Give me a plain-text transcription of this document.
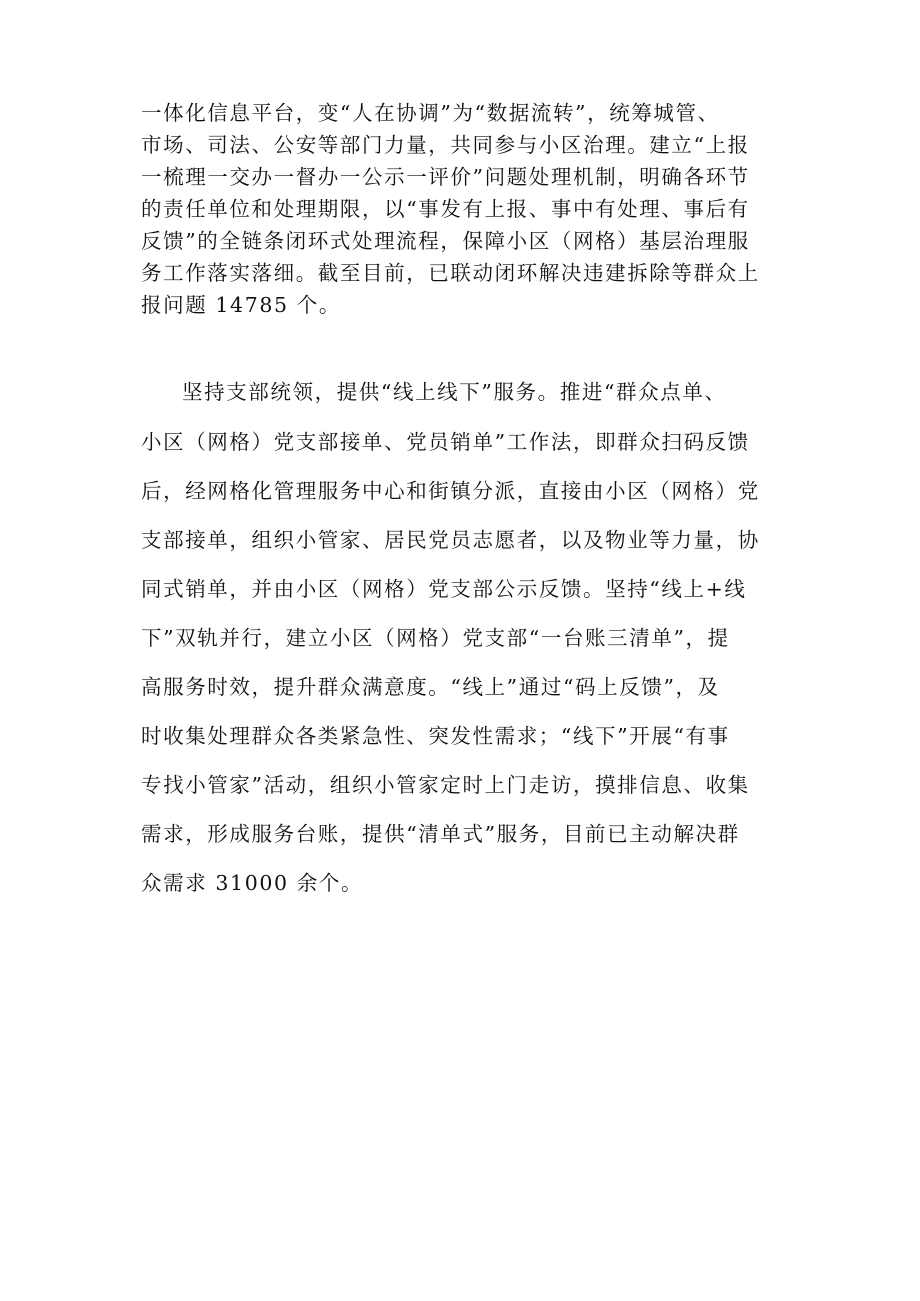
一体化信息平台，变“人在协调”为“数据流转”，统筹城管、
市场、司法、公安等部门力量，共同参与小区治理。建立“上报
一梳理一交办一督办一公示一评价”问题处理机制，明确各环节
的责任单位和处理期限，以“事发有上报、事中有处理、事后有
反馈”的全链条闭环式处理流程，保障小区（网格）基层治理服
务工作落实落细。截至目前，已联动闭环解决违建拆除等群众上
报问题 14785 个。
坚持支部统领，提供“线上线下”服务。推进“群众点单、
小区（网格）党支部接单、党员销单”工作法，即群众扫码反馈
后，经网格化管理服务中心和街镇分派，直接由小区（网格）党
支部接单，组织小管家、居民党员志愿者，以及物业等力量，协
同式销单，并由小区（网格）党支部公示反馈。坚持“线上+线
下”双轨并行，建立小区（网格）党支部“一台账三清单”，提
高服务时效，提升群众满意度。“线上”通过“码上反馈”，及
时收集处理群众各类紧急性、突发性需求；“线下”开展“有事
专找小管家”活动，组织小管家定时上门走访，摸排信息、收集
需求，形成服务台账，提供“清单式”服务，目前已主动解决群
众需求 31000 余个。
